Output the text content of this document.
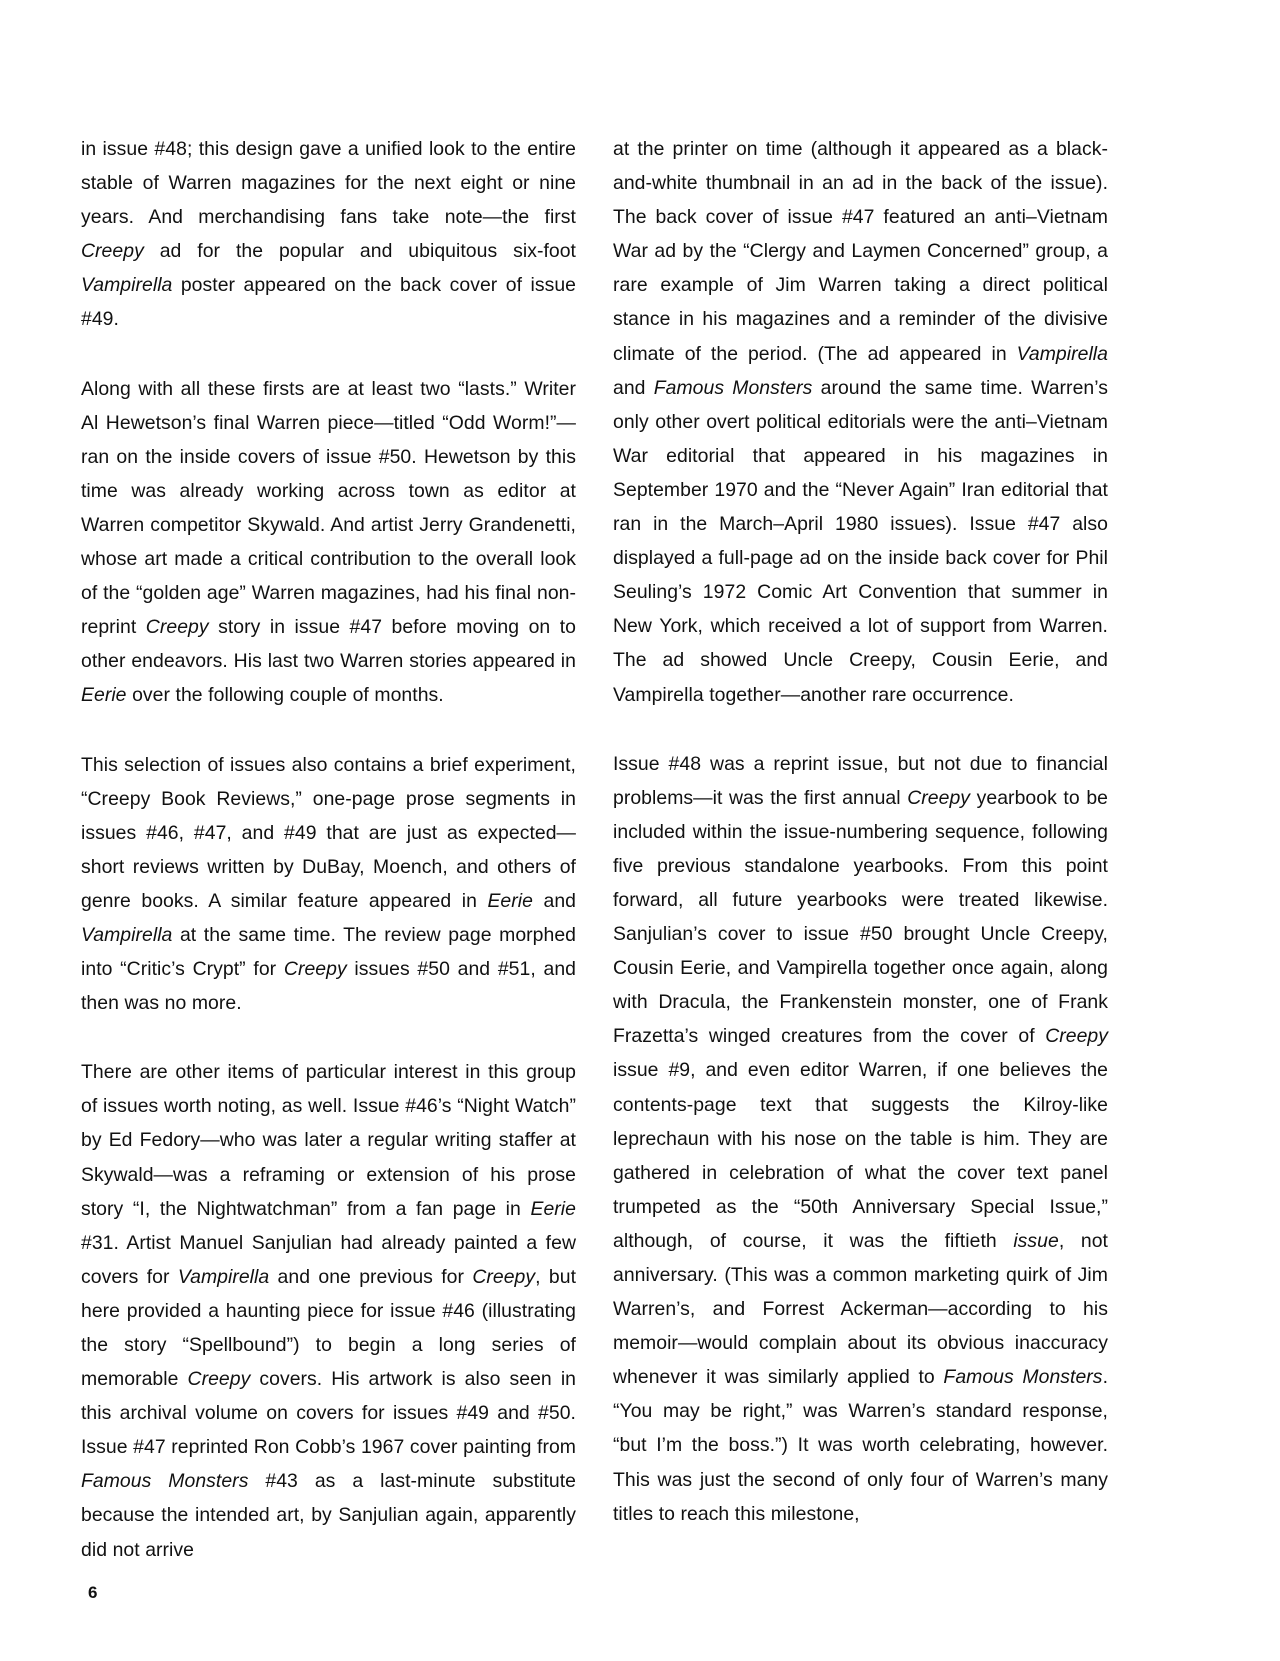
in issue #48; this design gave a unified look to the entire stable of Warren magazines for the next eight or nine years. And merchandising fans take note—the first Creepy ad for the popular and ubiquitous six-foot Vampirella poster appeared on the back cover of issue #49.

Along with all these firsts are at least two “lasts.” Writer Al Hewetson’s final Warren piece—titled “Odd Worm!”—ran on the inside covers of issue #50. Hewetson by this time was already working across town as editor at Warren competitor Skywald. And artist Jerry Grandenetti, whose art made a critical contribution to the overall look of the “golden age” Warren magazines, had his final non-reprint Creepy story in issue #47 before moving on to other endeavors. His last two Warren stories appeared in Eerie over the following couple of months.

This selection of issues also contains a brief experiment, “Creepy Book Reviews,” one-page prose segments in issues #46, #47, and #49 that are just as expected—short reviews written by DuBay, Moench, and others of genre books. A similar feature appeared in Eerie and Vampirella at the same time. The review page morphed into “Critic’s Crypt” for Creepy issues #50 and #51, and then was no more.

There are other items of particular interest in this group of issues worth noting, as well. Issue #46’s “Night Watch” by Ed Fedory—who was later a regular writing staffer at Skywald—was a reframing or extension of his prose story “I, the Nightwatchman” from a fan page in Eerie #31. Artist Manuel Sanjulian had already painted a few covers for Vampirella and one previous for Creepy, but here provided a haunting piece for issue #46 (illustrating the story “Spellbound”) to begin a long series of memorable Creepy covers. His artwork is also seen in this archival volume on covers for issues #49 and #50. Issue #47 reprinted Ron Cobb’s 1967 cover painting from Famous Monsters #43 as a last-minute substitute because the intended art, by Sanjulian again, apparently did not arrive

at the printer on time (although it appeared as a black-and-white thumbnail in an ad in the back of the issue). The back cover of issue #47 featured an anti–Vietnam War ad by the “Clergy and Laymen Concerned” group, a rare example of Jim Warren taking a direct political stance in his magazines and a reminder of the divisive climate of the period. (The ad appeared in Vampirella and Famous Monsters around the same time. Warren’s only other overt political editorials were the anti–Vietnam War editorial that appeared in his magazines in September 1970 and the “Never Again” Iran editorial that ran in the March–April 1980 issues). Issue #47 also displayed a full-page ad on the inside back cover for Phil Seuling’s 1972 Comic Art Convention that summer in New York, which received a lot of support from Warren. The ad showed Uncle Creepy, Cousin Eerie, and Vampirella together—another rare occurrence.

Issue #48 was a reprint issue, but not due to financial problems—it was the first annual Creepy yearbook to be included within the issue-numbering sequence, following five previous standalone yearbooks. From this point forward, all future yearbooks were treated likewise. Sanjulian’s cover to issue #50 brought Uncle Creepy, Cousin Eerie, and Vampirella together once again, along with Dracula, the Frankenstein monster, one of Frank Frazetta’s winged creatures from the cover of Creepy issue #9, and even editor Warren, if one believes the contents-page text that suggests the Kilroy-like leprechaun with his nose on the table is him. They are gathered in celebration of what the cover text panel trumpeted as the “50th Anniversary Special Issue,” although, of course, it was the fiftieth issue, not anniversary. (This was a common marketing quirk of Jim Warren’s, and Forrest Ackerman—according to his memoir—would complain about its obvious inaccuracy whenever it was similarly applied to Famous Monsters. “You may be right,” was Warren’s standard response, “but I’m the boss.”) It was worth celebrating, however. This was just the second of only four of Warren’s many titles to reach this milestone,

6
